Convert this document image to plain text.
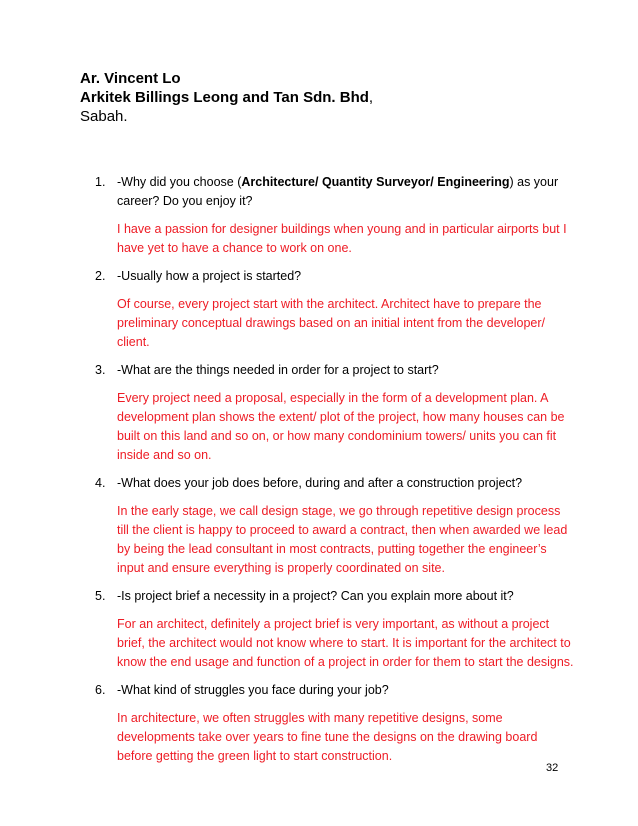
Ar. Vincent Lo
Arkitek Billings Leong and Tan Sdn. Bhd,
Sabah.
1. -Why did you choose (Architecture/ Quantity Surveyor/ Engineering) as your career? Do you enjoy it?
I have a passion for designer buildings when young and in particular airports but I have yet to have a chance to work on one.
2. -Usually how a project is started?
Of course, every project start with the architect. Architect have to prepare the preliminary conceptual drawings based on an initial intent from the developer/ client.
3. -What are the things needed in order for a project to start?
Every project need a proposal, especially in the form of a development plan. A development plan shows the extent/ plot of the project, how many houses can be built on this land and so on, or how many condominium towers/ units you can fit inside and so on.
4. -What does your job does before, during and after a construction project?
In the early stage, we call design stage, we go through repetitive design process till the client is happy to proceed to award a contract, then when awarded we lead by being the lead consultant in most contracts, putting together the engineer’s input and ensure everything is properly coordinated on site.
5. -Is project brief a necessity in a project? Can you explain more about it?
For an architect, definitely a project brief is very important, as without a project brief, the architect would not know where to start. It is important for the architect to know the end usage and function of a project in order for them to start the designs.
6. -What kind of struggles you face during your job?
In architecture, we often struggles with many repetitive designs, some developments take over years to fine tune the designs on the drawing board before getting the green light to start construction.
32
